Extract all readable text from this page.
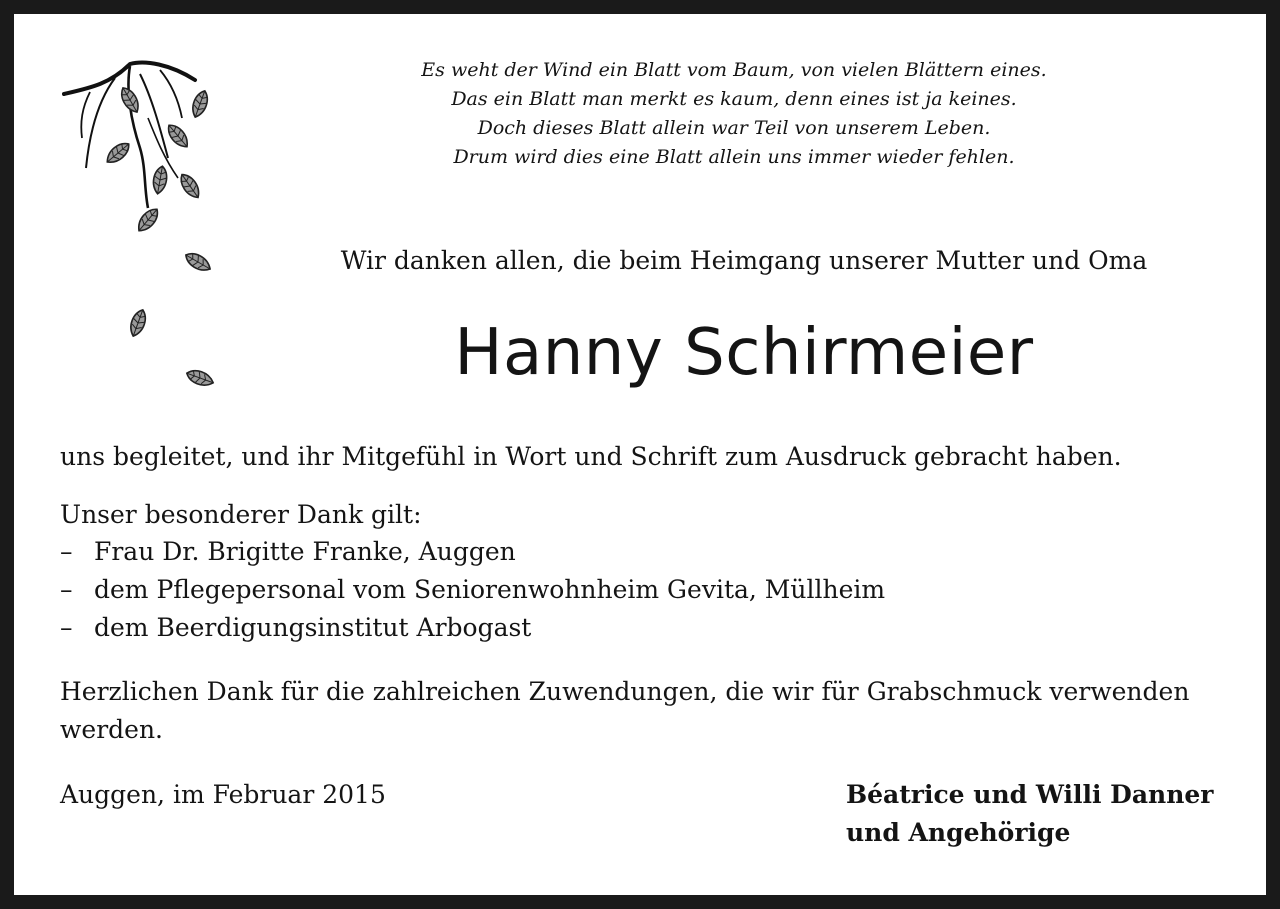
Es weht der Wind ein Blatt vom Baum, von vielen Blättern eines.
Das ein Blatt man merkt es kaum, denn eines ist ja keines.
Doch dieses Blatt allein war Teil von unserem Leben.
Drum wird dies eine Blatt allein uns immer wieder fehlen.
Wir danken allen, die beim Heimgang unserer Mutter und Oma
Hanny Schirmeier
uns begleitet, und ihr Mitgefühl in Wort und Schrift zum Ausdruck gebracht haben.
Unser besonderer Dank gilt:
– Frau Dr. Brigitte Franke, Auggen
– dem Pflegepersonal vom Seniorenwohnheim Gevita, Müllheim
– dem Beerdigungsinstitut Arbogast
Herzlichen Dank für die zahlreichen Zuwendungen, die wir für Grabschmuck verwenden werden.
Auggen, im Februar 2015	Béatrice und Willi Danner
und Angehörige
